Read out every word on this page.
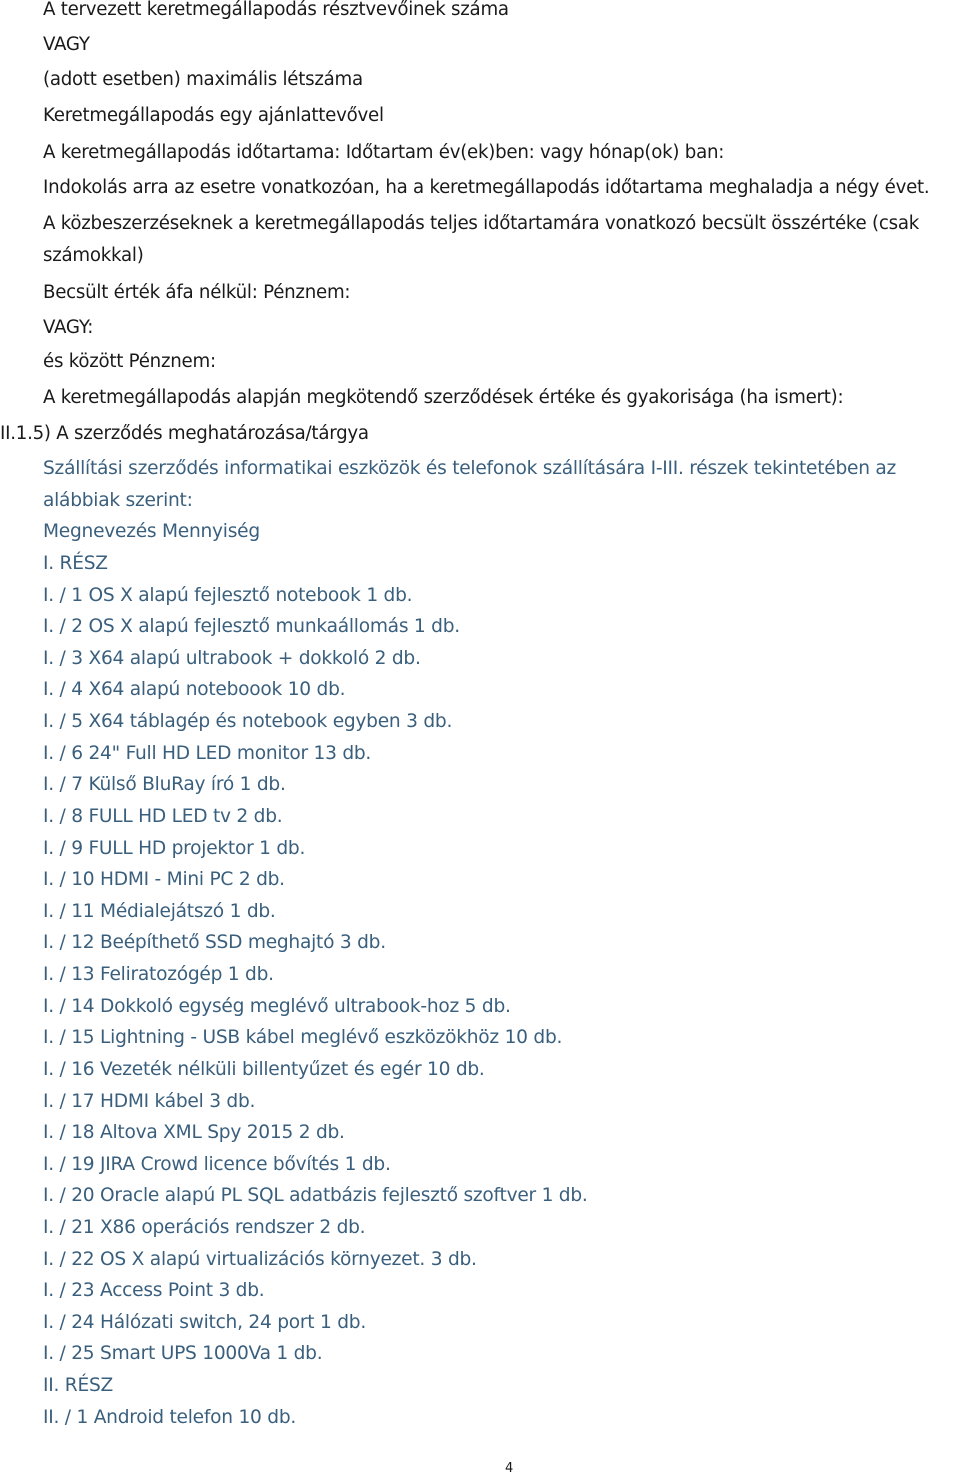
A tervezett keretmegállapodás résztvevőinek száma
VAGY
(adott esetben) maximális létszáma
Keretmegállapodás egy ajánlattevővel
A keretmegállapodás időtartama: Időtartam év(ek)ben: vagy hónap(ok) ban:
Indokolás arra az esetre vonatkozóan, ha a keretmegállapodás időtartama meghaladja a négy évet.
A közbeszerzéseknek a keretmegállapodás teljes időtartamára vonatkozó becsült összértéke (csak
számokkal)
Becsült érték áfa nélkül: Pénznem:
VAGY:
és között Pénznem:
A keretmegállapodás alapján megkötendő szerződések értéke és gyakorisága (ha ismert):
II.1.5) A szerződés meghatározása/tárgya
Szállítási szerződés informatikai eszközök és telefonok szállítására I-III. részek tekintetében az
alábbiak szerint:
Megnevezés Mennyiség
I. RÉSZ
I. / 1 OS X alapú fejlesztő notebook 1 db.
I. / 2 OS X alapú fejlesztő munkaállomás 1 db.
I. / 3 X64 alapú ultrabook + dokkoló 2 db.
I. / 4 X64 alapú noteboook 10 db.
I. / 5 X64 táblagép és notebook egyben 3 db.
I. / 6 24" Full HD LED monitor 13 db.
I. / 7 Külső BluRay író 1 db.
I. / 8 FULL HD LED tv 2 db.
I. / 9 FULL HD projektor 1 db.
I. / 10 HDMI - Mini PC 2 db.
I. / 11 Médialejátszó 1 db.
I. / 12 Beépíthető SSD meghajtó 3 db.
I. / 13 Feliratozógép 1 db.
I. / 14 Dokkoló egység meglévő ultrabook-hoz 5 db.
I. / 15 Lightning - USB kábel meglévő eszközökhöz 10 db.
I. / 16 Vezeték nélküli billentyűzet és egér 10 db.
I. / 17 HDMI kábel 3 db.
I. / 18 Altova XML Spy 2015 2 db.
I. / 19 JIRA Crowd licence bővítés 1 db.
I. / 20 Oracle alapú PL SQL adatbázis fejlesztő szoftver 1 db.
I. / 21 X86 operációs rendszer 2 db.
I. / 22 OS X alapú virtualizációs környezet. 3 db.
I. / 23 Access Point 3 db.
I. / 24 Hálózati switch, 24 port 1 db.
I. / 25 Smart UPS 1000Va 1 db.
II. RÉSZ
II. / 1 Android telefon 10 db.
4
